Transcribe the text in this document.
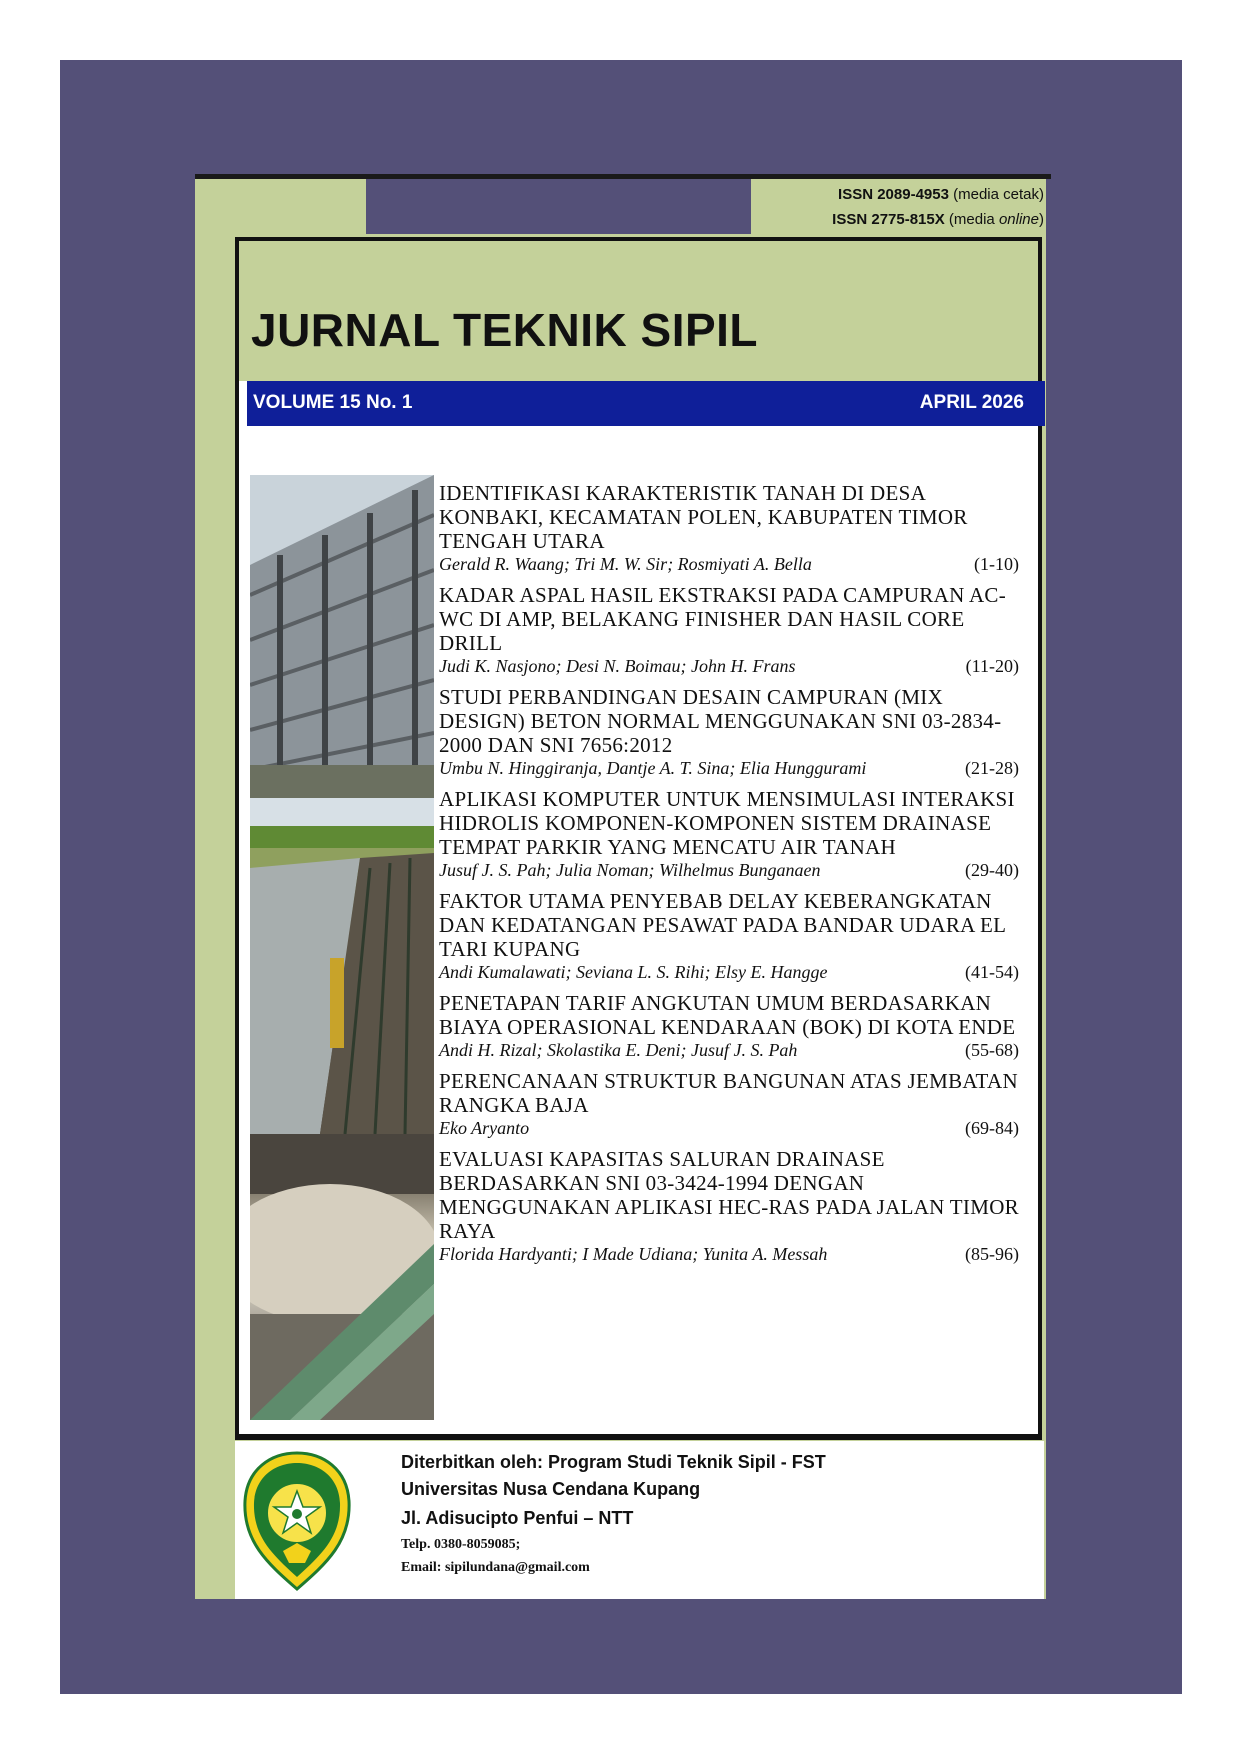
ISSN 2089-4953 (media cetak)
ISSN 2775-815X (media online)
JURNAL TEKNIK SIPIL
VOLUME 15 No. 1	APRIL 2026
IDENTIFIKASI KARAKTERISTIK TANAH DI DESA KONBAKI, KECAMATAN POLEN, KABUPATEN TIMOR TENGAH UTARA
Gerald R. Waang; Tri M. W. Sir; Rosmiyati A. Bella	(1-10)
KADAR ASPAL HASIL EKSTRAKSI PADA CAMPURAN AC-WC DI AMP, BELAKANG FINISHER DAN HASIL CORE DRILL
Judi K. Nasjono; Desi N. Boimau; John H. Frans	(11-20)
STUDI PERBANDINGAN DESAIN CAMPURAN (MIX DESIGN) BETON NORMAL MENGGUNAKAN SNI 03-2834-2000 DAN SNI 7656:2012
Umbu N. Hinggiranja, Dantje A. T. Sina; Elia Hunggurami	(21-28)
APLIKASI KOMPUTER UNTUK MENSIMULASI INTERAKSI HIDROLIS KOMPONEN-KOMPONEN SISTEM DRAINASE TEMPAT PARKIR YANG MENCATU AIR TANAH
Jusuf J. S. Pah; Julia Noman; Wilhelmus Bunganaen	(29-40)
FAKTOR UTAMA PENYEBAB DELAY KEBERANGKATAN DAN KEDATANGAN PESAWAT PADA BANDAR UDARA EL TARI KUPANG
Andi Kumalawati; Seviana L. S. Rihi; Elsy E. Hangge	(41-54)
PENETAPAN TARIF ANGKUTAN UMUM BERDASARKAN BIAYA OPERASIONAL KENDARAAN (BOK) DI KOTA ENDE
Andi H. Rizal; Skolastika E. Deni; Jusuf J. S. Pah	(55-68)
PERENCANAAN STRUKTUR BANGUNAN ATAS JEMBATAN RANGKA BAJA
Eko Aryanto	(69-84)
EVALUASI KAPASITAS SALURAN DRAINASE BERDASARKAN SNI 03-3424-1994 DENGAN MENGGUNAKAN APLIKASI HEC-RAS PADA JALAN TIMOR RAYA
Florida Hardyanti; I Made Udiana; Yunita A. Messah	(85-96)
Diterbitkan oleh: Program Studi Teknik Sipil - FST
Universitas Nusa Cendana Kupang
Jl. Adisucipto Penfui – NTT
Telp. 0380-8059085;
Email: sipilundana@gmail.com
